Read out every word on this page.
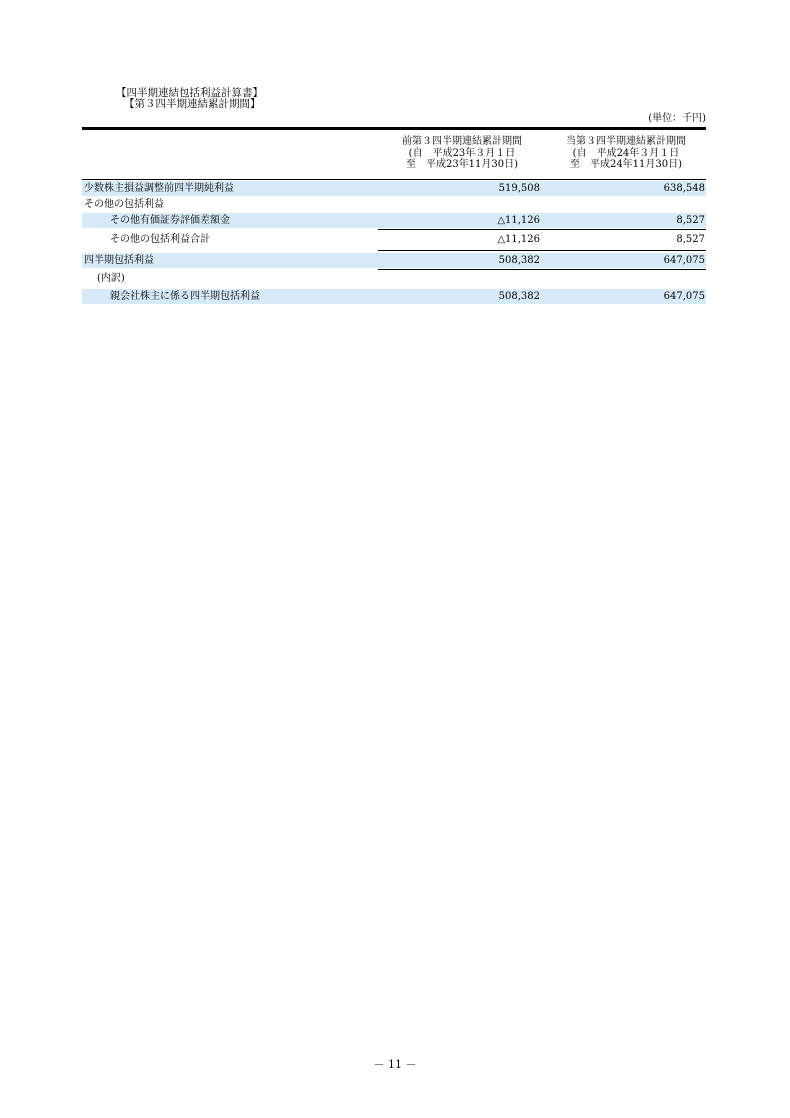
【四半期連結包括利益計算書】
【第３四半期連結累計期間】
(単位：千円)
前第３四半期連結累計期間
(自　平成23年３月１日
至　平成23年11月30日)
当第３四半期連結累計期間
(自　平成24年３月１日
至　平成24年11月30日)
少数株主損益調整前四半期純利益	519,508	638,548
その他の包括利益
その他有価証券評価差額金	△11,126	8,527
その他の包括利益合計	△11,126	8,527
四半期包括利益	508,382	647,075
(内訳)
親会社株主に係る四半期包括利益	508,382	647,075
－ 11 －
